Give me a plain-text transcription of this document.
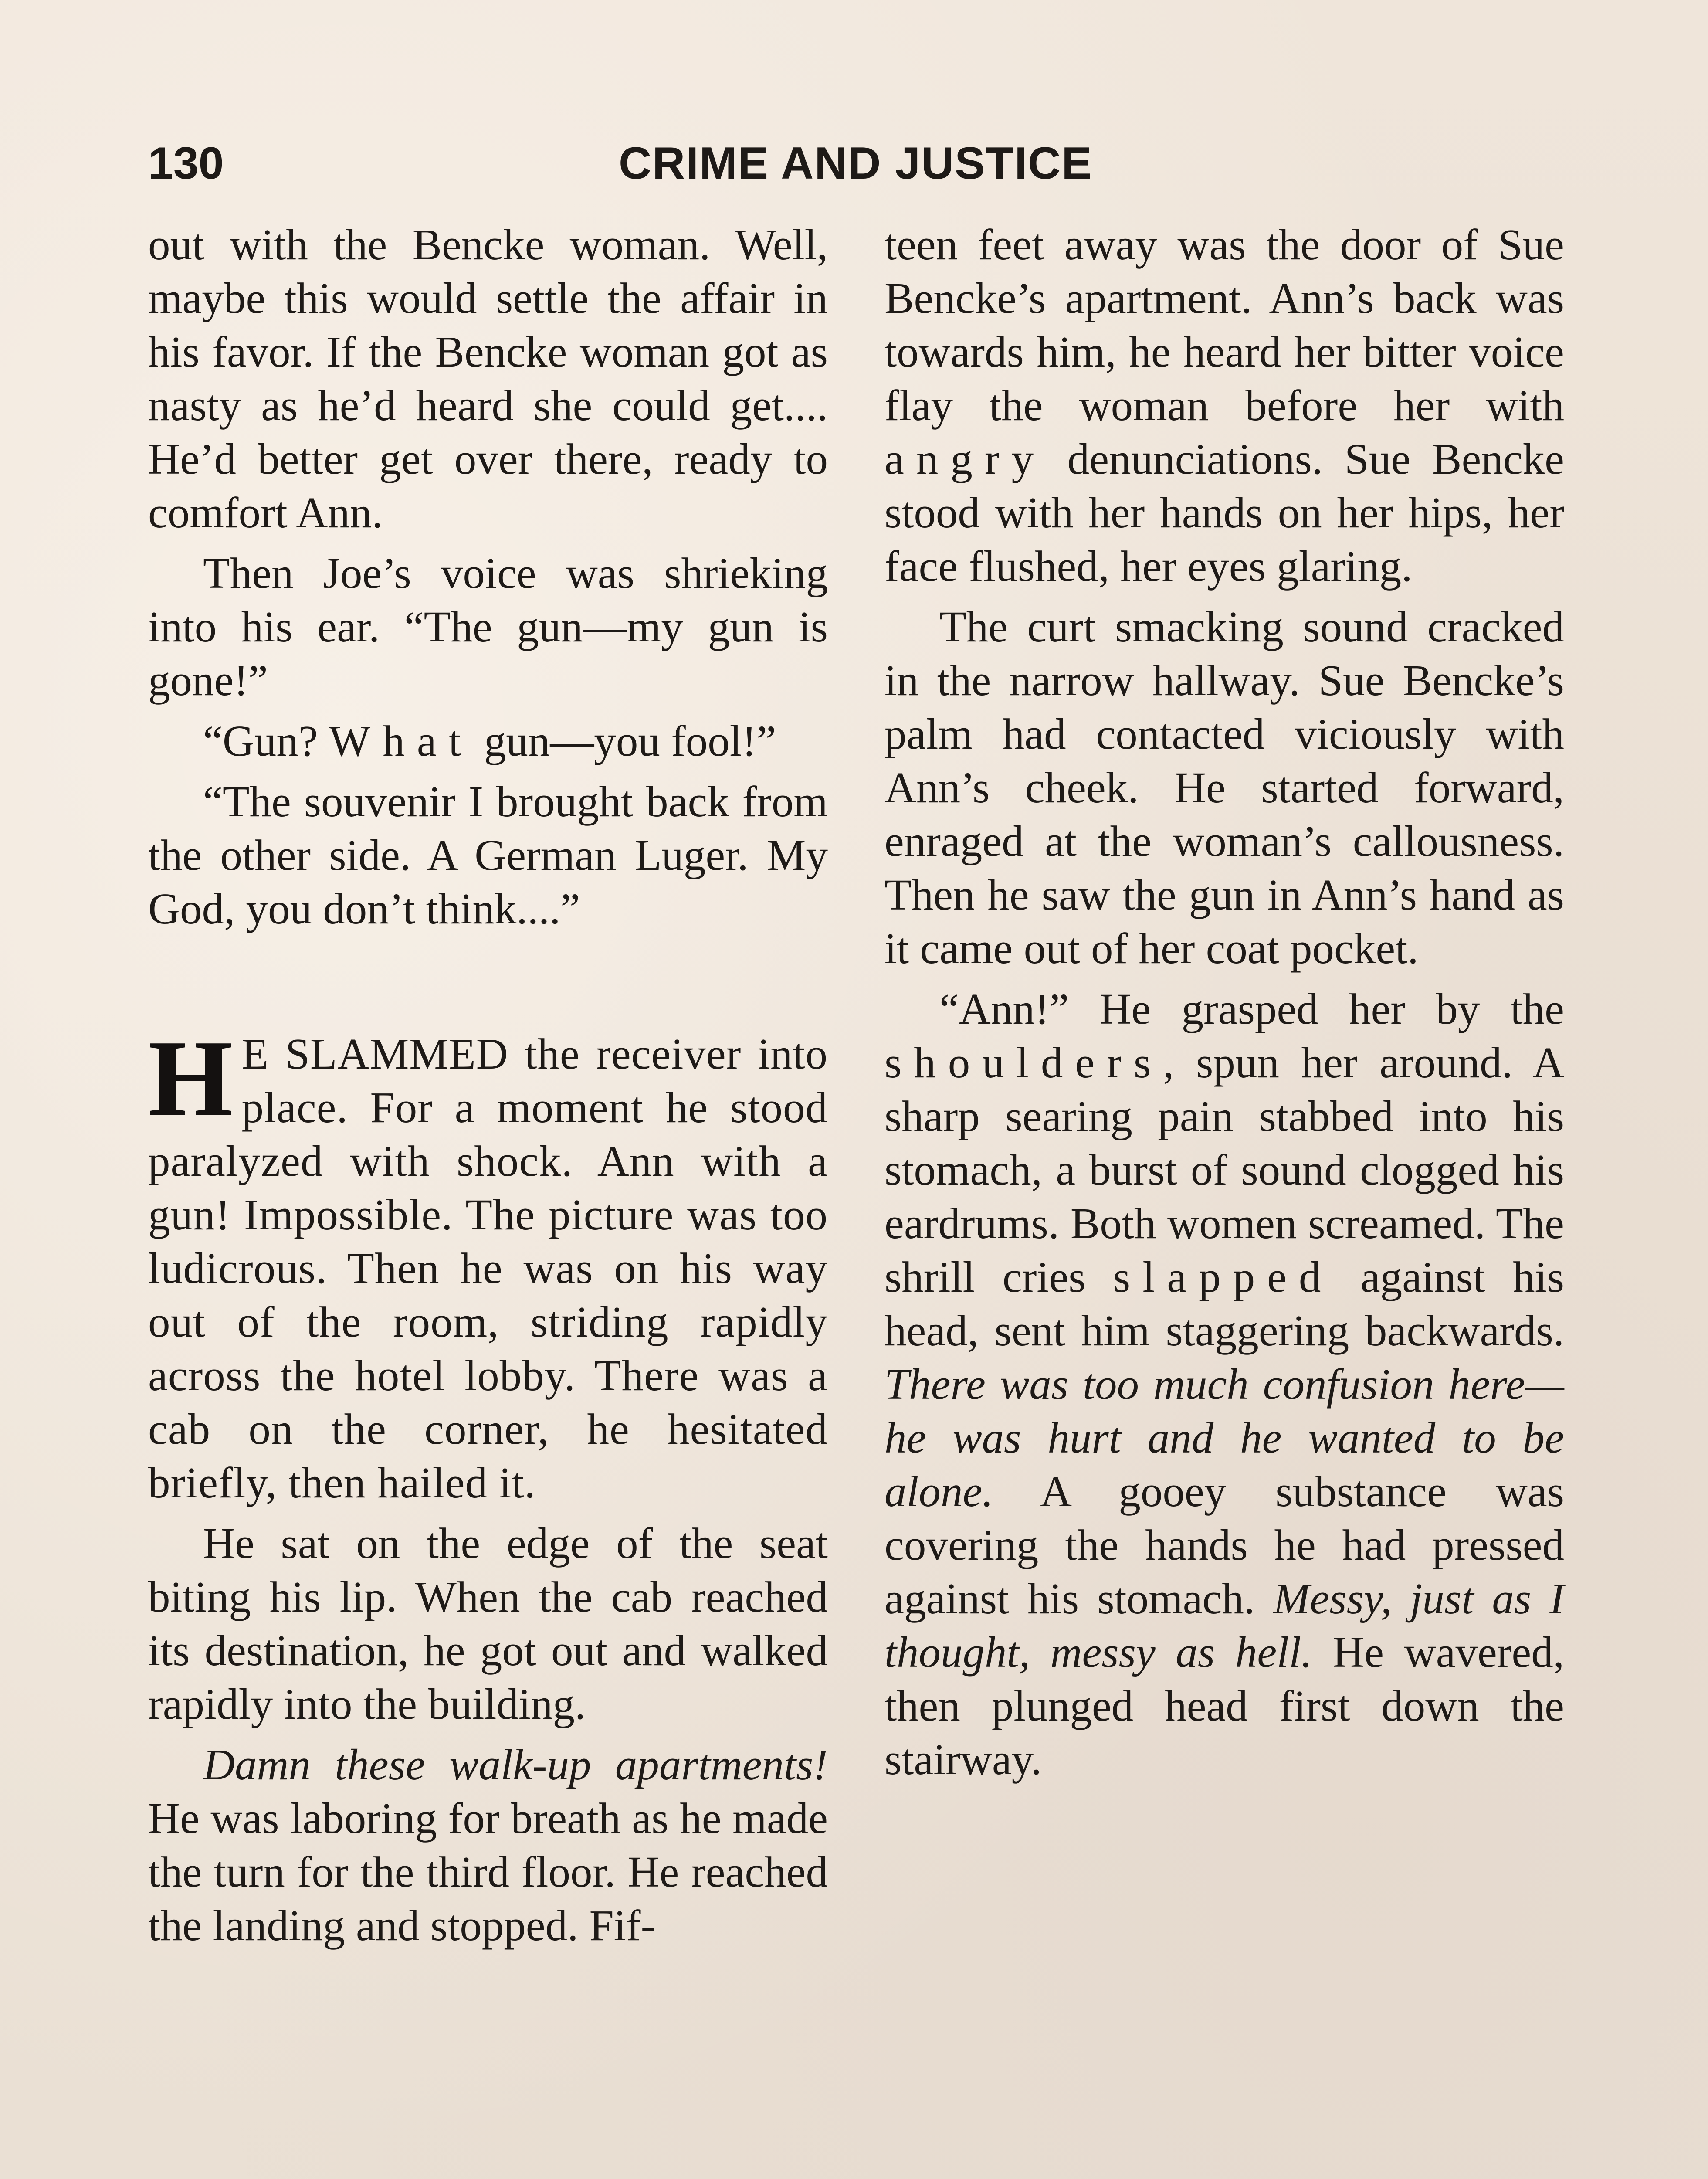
130	CRIME AND JUSTICE

out with the Bencke woman. Well, maybe this would settle the affair in his favor. If the Bencke woman got as nasty as he’d heard she could get.... He’d better get over there, ready to comfort Ann.

Then Joe’s voice was shrieking into his ear. “The gun—my gun is gone!”

“Gun? What gun—you fool!”

“The souvenir I brought back from the other side. A German Luger. My God, you don’t think....”

H E SLAMMED the receiver into place. For a moment he stood paralyzed with shock. Ann with a gun! Impossible. The picture was too ludicrous. Then he was on his way out of the room, striding rapidly across the hotel lobby. There was a cab on the corner, he hesitated briefly, then hailed it.

He sat on the edge of the seat biting his lip. When the cab reached its destination, he got out and walked rapidly into the building.

Damn these walk-up apartments! He was laboring for breath as he made the turn for the third floor. He reached the landing and stopped. Fif-

teen feet away was the door of Sue Bencke’s apartment. Ann’s back was towards him, he heard her bitter voice flay the woman before her with angry denunciations. Sue Bencke stood with her hands on her hips, her face flushed, her eyes glaring.

The curt smacking sound cracked in the narrow hallway. Sue Bencke’s palm had contacted viciously with Ann’s cheek. He started forward, enraged at the woman’s callousness. Then he saw the gun in Ann’s hand as it came out of her coat pocket.

“Ann!” He grasped her by the shoulders, spun her around. A sharp searing pain stabbed into his stomach, a burst of sound clogged his eardrums. Both women screamed. The shrill cries slapped against his head, sent him staggering backwards. There was too much confusion here—he was hurt and he wanted to be alone. A gooey substance was covering the hands he had pressed against his stomach. Messy, just as I thought, messy as hell. He wavered, then plunged head first down the stairway.
